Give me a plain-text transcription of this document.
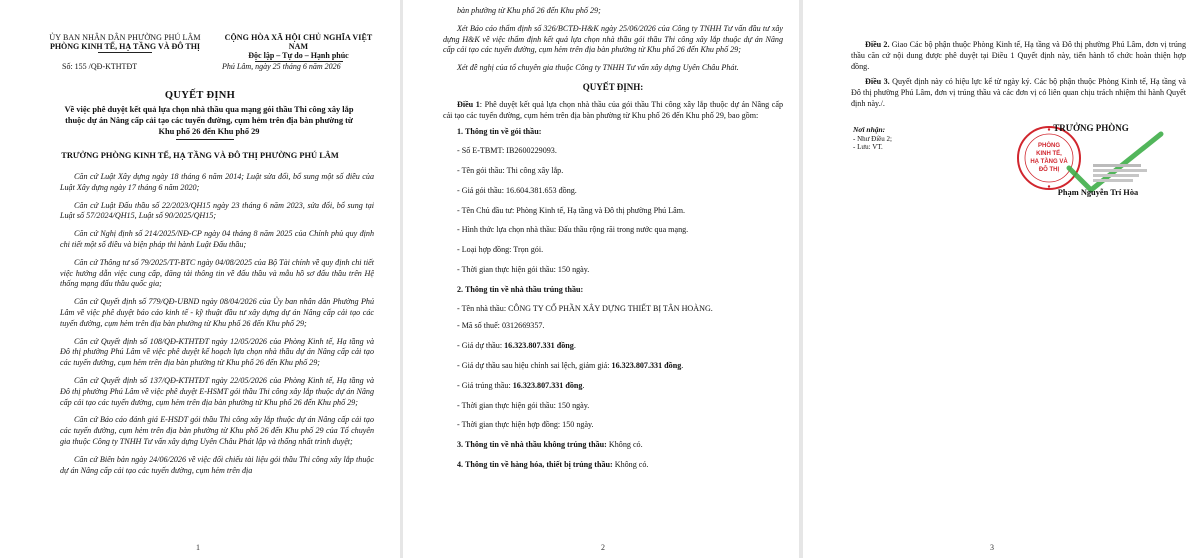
ỦY BAN NHÂN DÂN PHƯỜNG PHÚ LÂM
PHÒNG KINH TẾ, HẠ TẦNG VÀ ĐÔ THỊ
CỘNG HÒA XÃ HỘI CHỦ NGHĨA VIỆT NAM
Độc lập – Tự do – Hạnh phúc
Số: 155 /QĐ-KTHTĐT	Phú Lâm, ngày 25 tháng 6 năm 2026
QUYẾT ĐỊNH
Về việc phê duyệt kết quả lựa chọn nhà thầu qua mạng gói thầu Thi công xây lắp thuộc dự án Nâng cấp cải tạo các tuyến đường, cụm hẻm trên địa bàn phường từ Khu phố 26 đến Khu phố 29
TRƯỞNG PHÒNG KINH TẾ, HẠ TẦNG VÀ ĐÔ THỊ PHƯỜNG PHÚ LÂM

Căn cứ Luật Xây dựng ngày 18 tháng 6 năm 2014; Luật sửa đổi, bổ sung một số điều của Luật Xây dựng ngày 17 tháng 6 năm 2020;

Căn cứ Luật Đấu thầu số 22/2023/QH15 ngày 23 tháng 6 năm 2023, sửa đổi, bổ sung tại Luật số 57/2024/QH15, Luật số 90/2025/QH15;

Căn cứ Nghị định số 214/2025/NĐ-CP ngày 04 tháng 8 năm 2025 của Chính phủ quy định chi tiết một số điều và biện pháp thi hành Luật Đấu thầu;

Căn cứ Thông tư số 79/2025/TT-BTC ngày 04/08/2025 của Bộ Tài chính về quy định chi tiết việc hướng dẫn việc cung cấp, đăng tải thông tin về đấu thầu và mẫu hồ sơ đấu thầu trên Hệ thống mạng đấu thầu quốc gia;

Căn cứ Quyết định số 779/QĐ-UBND ngày 08/04/2026 của Ủy ban nhân dân Phường Phú Lâm về việc phê duyệt báo cáo kinh tế - kỹ thuật đầu tư xây dựng dự án Nâng cấp cải tạo các tuyến đường, cụm hẻm trên địa bàn phường từ Khu phố 26 đến Khu phố 29;

Căn cứ Quyết định số 108/QĐ-KTHTĐT ngày 12/05/2026 của Phòng Kinh tế, Hạ tầng và Đô thị phường Phú Lâm về việc phê duyệt kế hoạch lựa chọn nhà thầu dự án Nâng cấp cải tạo các tuyến đường, cụm hẻm trên địa bàn phường từ Khu phố 26 đến Khu phố 29;

Căn cứ Quyết định số 137/QĐ-KTHTĐT ngày 22/05/2026 của Phòng Kinh tế, Hạ tầng và Đô thị phường Phú Lâm về việc phê duyệt E-HSMT gói thầu Thi công xây lắp thuộc dự án Nâng cấp cải tạo các tuyến đường, cụm hẻm trên địa bàn phường từ Khu phố 26 đến Khu phố 29;

Căn cứ Báo cáo đánh giá E-HSDT gói thầu Thi công xây lắp thuộc dự án Nâng cấp cải tạo các tuyến đường, cụm hẻm trên địa bàn phường từ Khu phố 26 đến Khu phố 29 của Tổ chuyên gia thuộc Công ty TNHH Tư vấn xây dựng Uyên Châu Phát lập và thống nhất trình duyệt;

Căn cứ Biên bản ngày 24/06/2026 về việc đối chiếu tài liệu gói thầu Thi công xây lắp thuộc dự án Nâng cấp cải tạo các tuyến đường, cụm hẻm trên địa

1

bàn phường từ Khu phố 26 đến Khu phố 29;

Xét Báo cáo thẩm định số 326/BCTĐ-H&K ngày 25/06/2026 của Công ty TNHH Tư vấn đầu tư xây dựng H&K về việc thẩm định kết quả lựa chọn nhà thầu gói thầu Thi công xây lắp thuộc dự án Nâng cấp cải tạo các tuyến đường, cụm hẻm trên địa bàn phường từ Khu phố 26 đến Khu phố 29;

Xét đề nghị của tổ chuyên gia thuộc Công ty TNHH Tư vấn xây dựng Uyên Châu Phát.

QUYẾT ĐỊNH:

Điều 1: Phê duyệt kết quả lựa chọn nhà thầu của gói thầu Thi công xây lắp thuộc dự án Nâng cấp cải tạo các tuyến đường, cụm hẻm trên địa bàn phường từ Khu phố 26 đến Khu phố 29, bao gồm:

1. Thông tin về gói thầu:

- Số E-TBMT: IB2600229093.

- Tên gói thầu: Thi công xây lắp.

- Giá gói thầu: 16.604.381.653 đồng.

- Tên Chủ đầu tư: Phòng Kinh tế, Hạ tầng và Đô thị phường Phú Lâm.

- Hình thức lựa chọn nhà thầu: Đấu thầu rộng rãi trong nước qua mạng.

- Loại hợp đồng: Trọn gói.

- Thời gian thực hiện gói thầu: 150 ngày.

2. Thông tin về nhà thầu trúng thầu:

- Tên nhà thầu: CÔNG TY CỔ PHẦN XÂY DỰNG THIẾT BỊ TÂN HOÀNG.

- Mã số thuế: 0312669357.

- Giá dự thầu: 16.323.807.331 đồng.

- Giá dự thầu sau hiệu chỉnh sai lệch, giảm giá: 16.323.807.331 đồng.

- Giá trúng thầu: 16.323.807.331 đồng.

- Thời gian thực hiện gói thầu: 150 ngày.

- Thời gian thực hiện hợp đồng: 150 ngày.

3. Thông tin về nhà thầu không trúng thầu: Không có.

4. Thông tin về hàng hóa, thiết bị trúng thầu: Không có.

2

Điều 2. Giao Các bộ phận thuộc Phòng Kinh tế, Hạ tầng và Đô thị phường Phú Lâm, đơn vị trúng thầu căn cứ nội dung được phê duyệt tại Điều 1 Quyết định này, tiến hành tổ chức hoàn thiện hợp đồng.

Điều 3. Quyết định này có hiệu lực kể từ ngày ký. Các bộ phận thuộc Phòng Kinh tế, Hạ tầng và Đô thị phường Phú Lâm, đơn vị trúng thầu và các đơn vị có liên quan chịu trách nhiệm thi hành Quyết định này./.

Nơi nhận:
- Như Điều 2;
- Lưu: VT.	PHÒNG
KINH TẾ,
HẠ TẦNG VÀ
ĐÔ THỊ
TRƯỞNG PHÒNG
Phạm Nguyễn Trí Hòa
3
